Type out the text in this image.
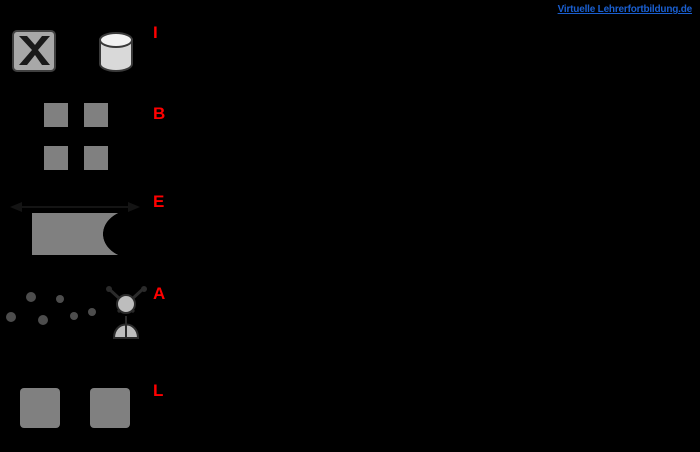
Virtuelle Lehrerfortbildung.de
I
B
E
A
L
